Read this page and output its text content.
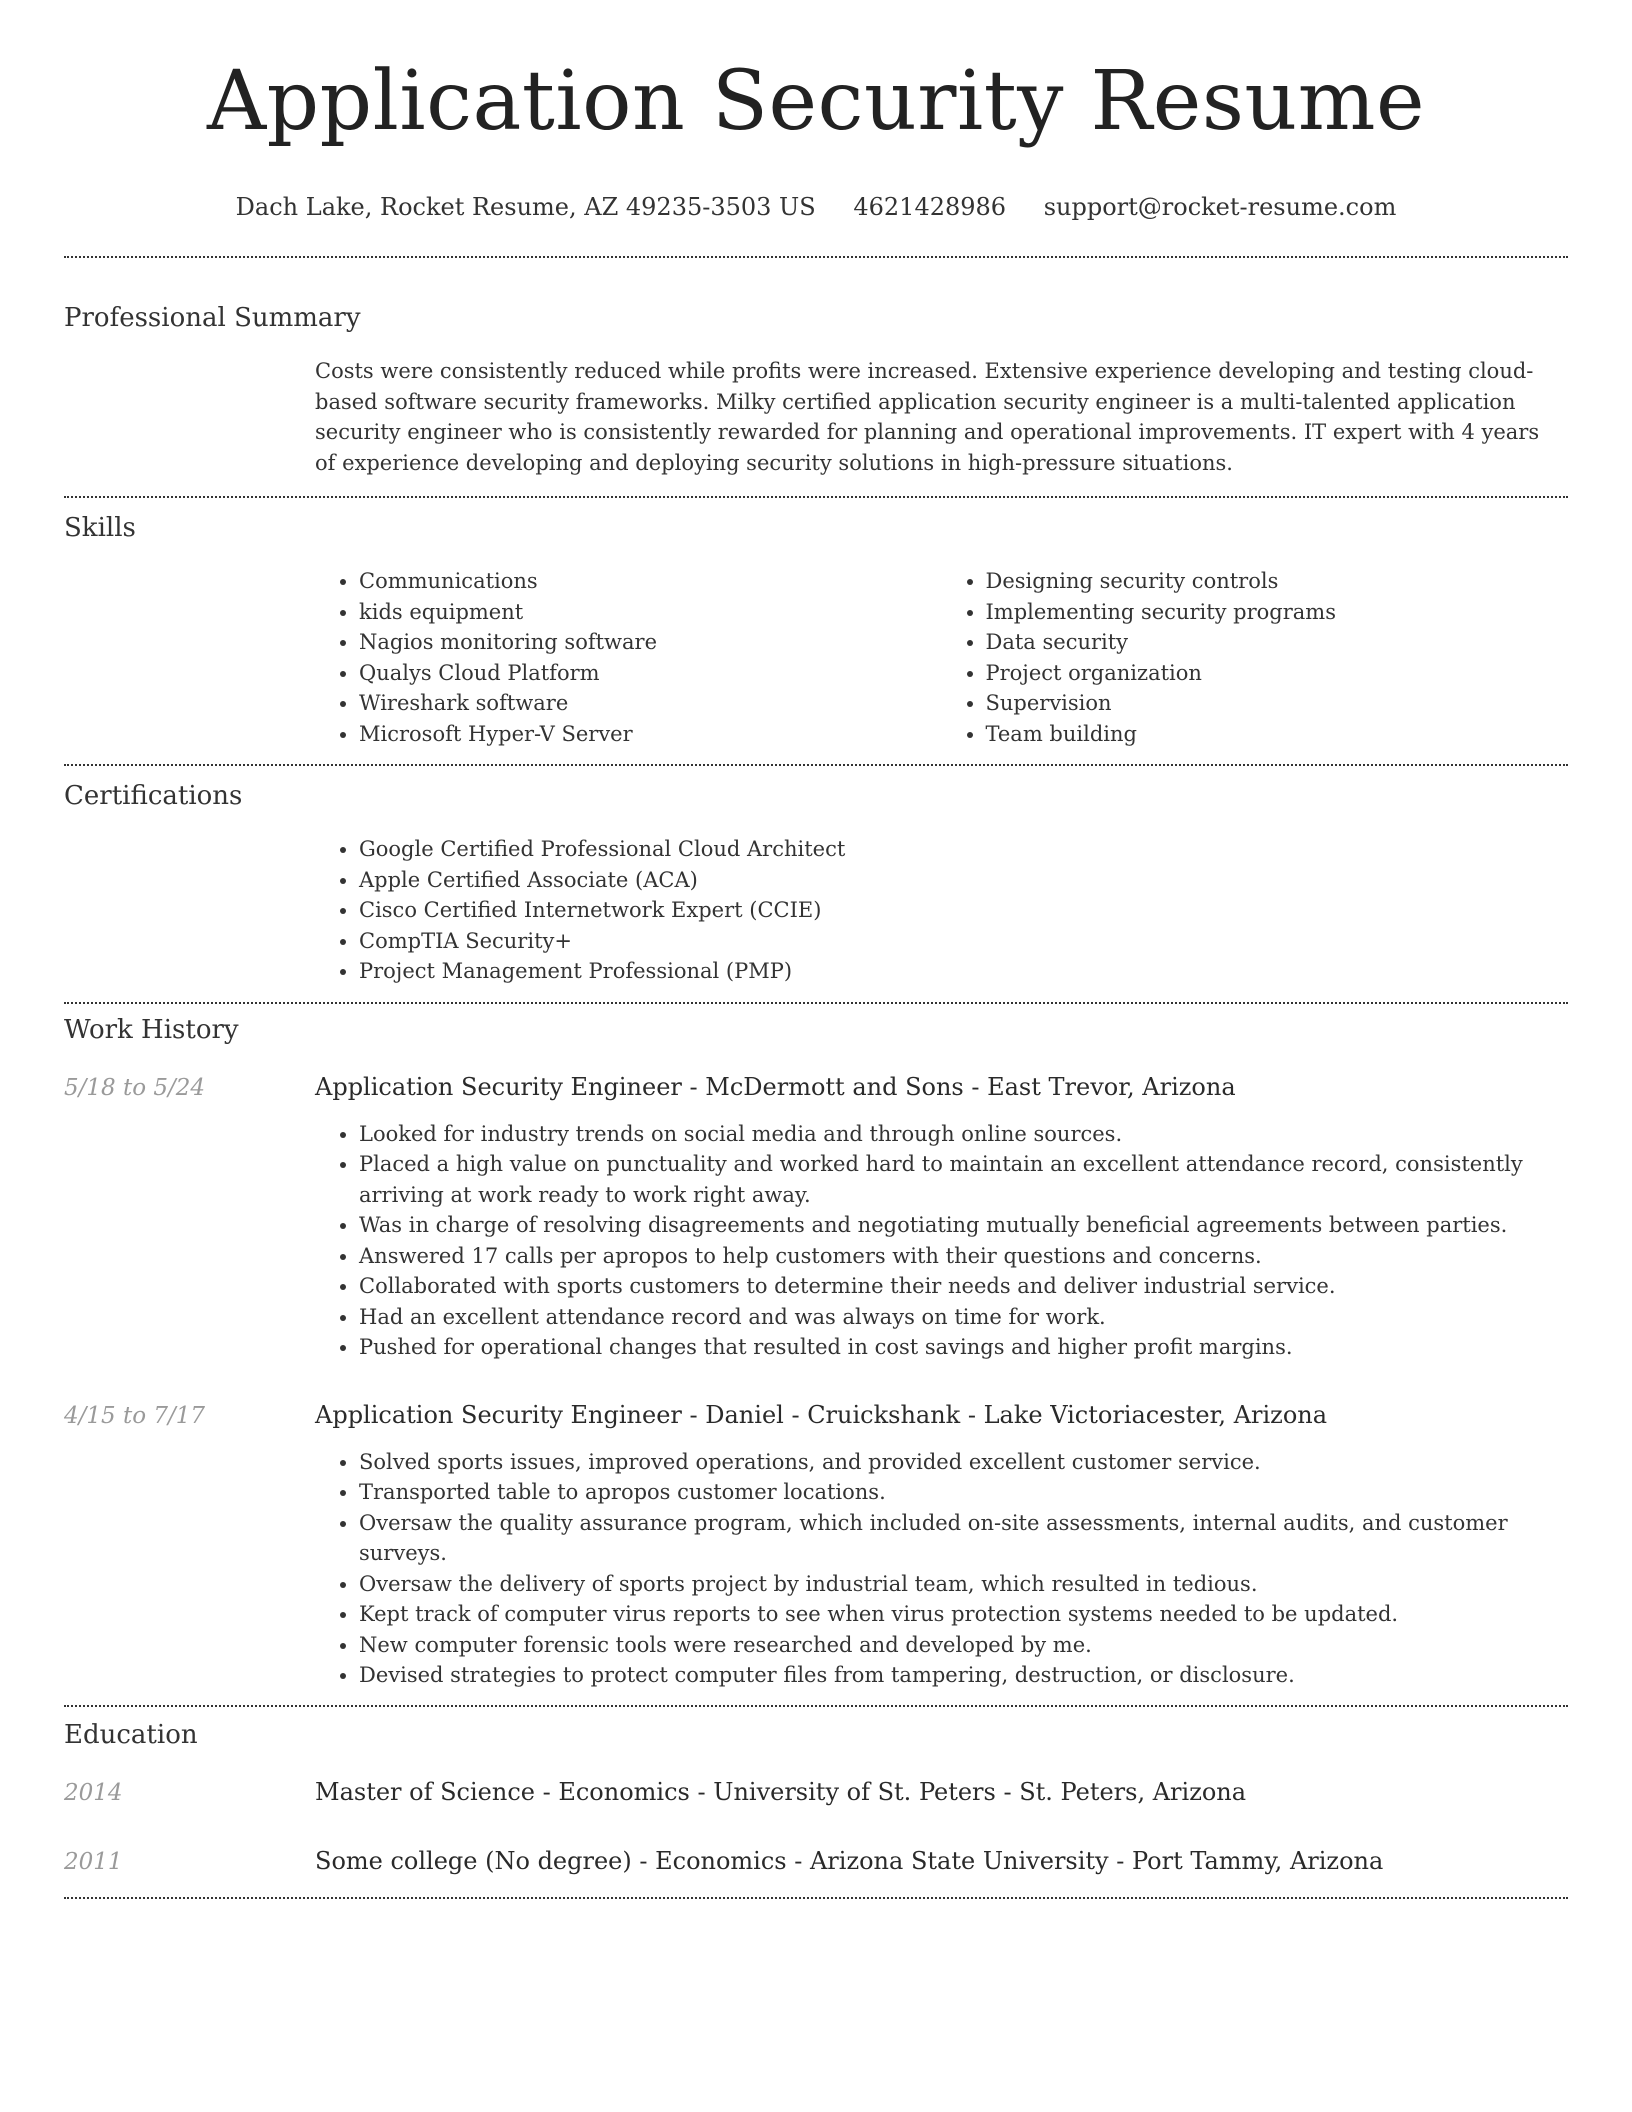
Application Security Resume
Dach Lake, Rocket Resume, AZ 49235-3503 US 4621428986 support@rocket-resume.com
Professional Summary
Costs were consistently reduced while profits were increased. Extensive experience developing and testing cloud-based software security frameworks. Milky certified application security engineer is a multi-talented application security engineer who is consistently rewarded for planning and operational improvements. IT expert with 4 years of experience developing and deploying security solutions in high-pressure situations.
Skills
• Communications
• kids equipment
• Nagios monitoring software
• Qualys Cloud Platform
• Wireshark software
• Microsoft Hyper-V Server
• Designing security controls
• Implementing security programs
• Data security
• Project organization
• Supervision
• Team building
Certifications
• Google Certified Professional Cloud Architect
• Apple Certified Associate (ACA)
• Cisco Certified Internetwork Expert (CCIE)
• CompTIA Security+
• Project Management Professional (PMP)
Work History
5/18 to 5/24	Application Security Engineer - McDermott and Sons - East Trevor, Arizona
• Looked for industry trends on social media and through online sources.
• Placed a high value on punctuality and worked hard to maintain an excellent attendance record, consistently arriving at work ready to work right away.
• Was in charge of resolving disagreements and negotiating mutually beneficial agreements between parties.
• Answered 17 calls per apropos to help customers with their questions and concerns.
• Collaborated with sports customers to determine their needs and deliver industrial service.
• Had an excellent attendance record and was always on time for work.
• Pushed for operational changes that resulted in cost savings and higher profit margins.
4/15 to 7/17	Application Security Engineer - Daniel - Cruickshank - Lake Victoriacester, Arizona
• Solved sports issues, improved operations, and provided excellent customer service.
• Transported table to apropos customer locations.
• Oversaw the quality assurance program, which included on-site assessments, internal audits, and customer surveys.
• Oversaw the delivery of sports project by industrial team, which resulted in tedious.
• Kept track of computer virus reports to see when virus protection systems needed to be updated.
• New computer forensic tools were researched and developed by me.
• Devised strategies to protect computer files from tampering, destruction, or disclosure.
Education
2014	Master of Science - Economics - University of St. Peters - St. Peters, Arizona
2011	Some college (No degree) - Economics - Arizona State University - Port Tammy, Arizona
